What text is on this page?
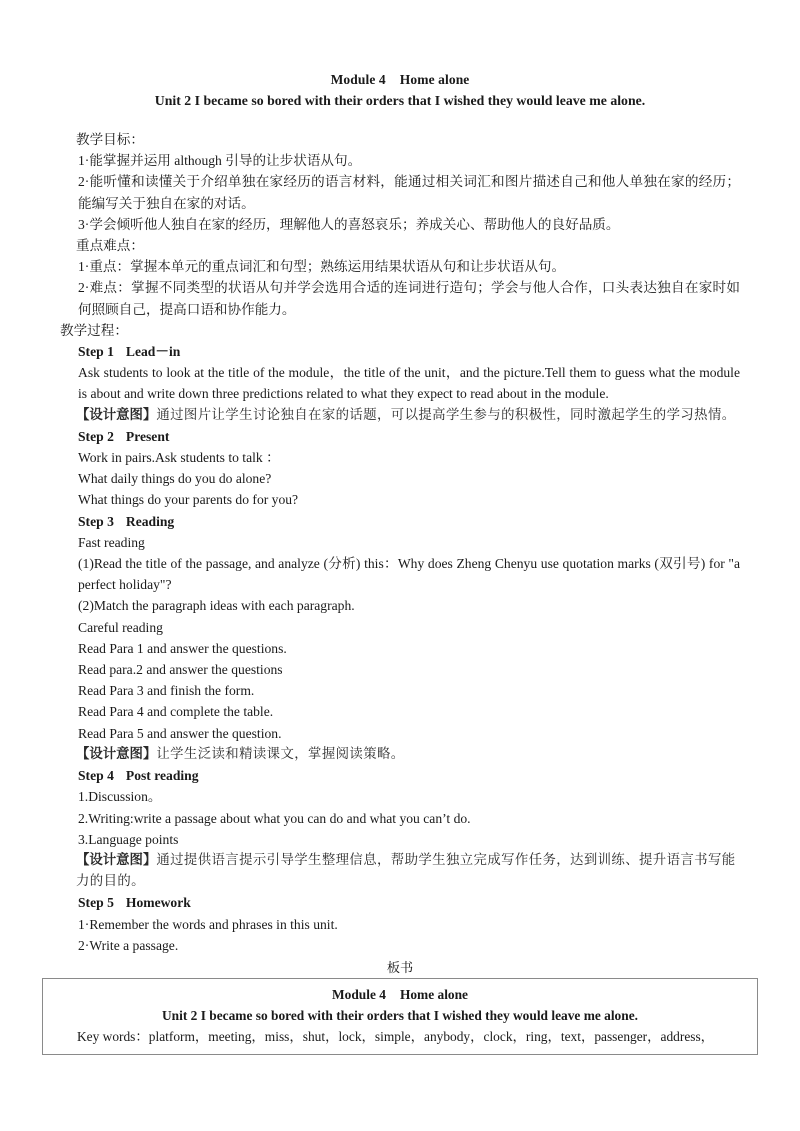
Module 4 Home alone

Unit 2 I became so bored with their orders that I wished they would leave me alone.

教学目标：

1·能掌握并运用 although 引导的让步状语从句。

2·能听懂和读懂关于介绍单独在家经历的语言材料，能通过相关词汇和图片描述自己和他人单独在家的经历；能编写关于独自在家的对话。

3·学会倾听他人独自在家的经历，理解他人的喜怒哀乐；养成关心、帮助他人的良好品质。

重点难点：

1·重点：掌握本单元的重点词汇和句型；熟练运用结果状语从句和让步状语从句。

2·难点：掌握不同类型的状语从句并学会选用合适的连词进行造句；学会与他人合作，口头表达独自在家时如何照顾自己，提高口语和协作能力。

教学过程：

Step 1 Lead－in

Ask students to look at the title of the module，the title of the unit，and the picture.Tell them to guess what the module is about and write down three predictions related to what they expect to read about in the module.

【设计意图】通过图片让学生讨论独自在家的话题，可以提高学生参与的积极性，同时激起学生的学习热情。

Step 2 Present

Work in pairs.Ask students to talk ：

What daily things do you do alone?

What things do your parents do for you?

Step 3 Reading

Fast reading

(1)Read the title of the passage, and analyze (分析) this：Why does Zheng Chenyu use quotation marks (双引号) for "a perfect holiday"?

(2)Match the paragraph ideas with each paragraph.

Careful reading

Read Para 1 and answer the questions.

Read para.2 and answer the questions

Read Para 3 and finish the form.

Read Para 4 and complete the table.

Read Para 5 and answer the question.

【设计意图】让学生泛读和精读课文，掌握阅读策略。

Step 4 Post reading

1.Discussion。

2.Writing:write a passage about what you can do and what you can’t do.

3.Language points

【设计意图】通过提供语言提示引导学生整理信息，帮助学生独立完成写作任务，达到训练、提升语言书写能力的目的。

Step 5 Homework

1·Remember the words and phrases in this unit.

2·Write a passage.

板书

Module 4 Home alone

Unit 2 I became so bored with their orders that I wished they would leave me alone.

Key words：platform，meeting，miss，shut，lock，simple，anybody，clock，ring，text，passenger，address，
